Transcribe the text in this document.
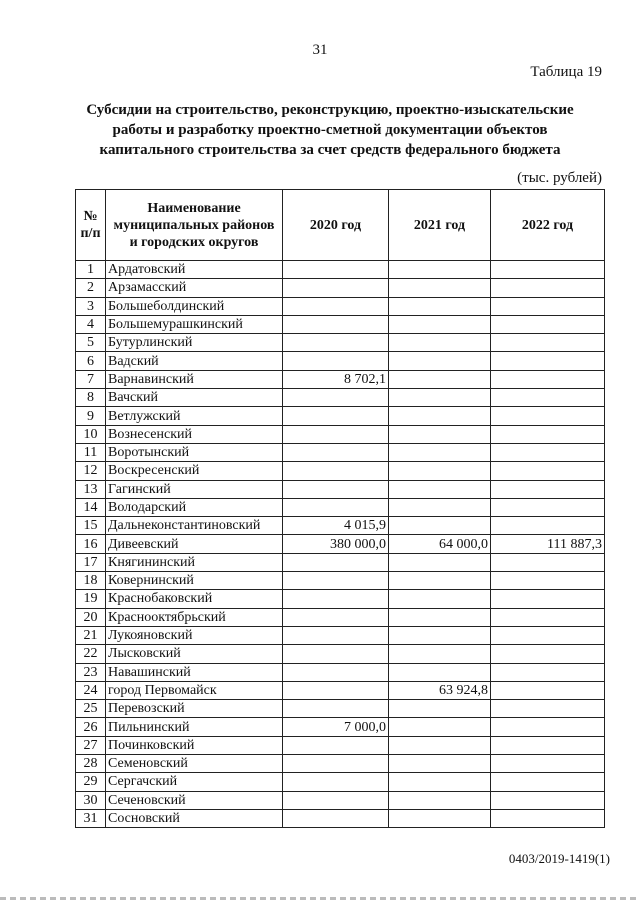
31
Таблица 19
Субсидии на строительство, реконструкцию, проектно-изыскательские
работы и разработку проектно-сметной документации объектов
капитального строительства за счет средств федерального бюджета
(тыс. рублей)
№ п/п	Наименование муниципальных районов и городских округов	2020 год	2021 год	2022 год
1	Ардатовский			
2	Арзамасский			
3	Большеболдинский			
4	Большемурашкинский			
5	Бутурлинский			
6	Вадский			
7	Варнавинский	8 702,1		
8	Вачский			
9	Ветлужский			
10	Вознесенский			
11	Воротынский			
12	Воскресенский			
13	Гагинский			
14	Володарский			
15	Дальнеконстантиновский	4 015,9		
16	Дивеевский	380 000,0	64 000,0	111 887,3
17	Княгининский			
18	Ковернинский			
19	Краснобаковский			
20	Краснооктябрьский			
21	Лукояновский			
22	Лысковский			
23	Навашинский			
24	город Первомайск		63 924,8	
25	Перевозский			
26	Пильнинский	7 000,0		
27	Починковский			
28	Семеновский			
29	Сергачский			
30	Сеченовский			
31	Сосновский			
0403/2019-1419(1)
